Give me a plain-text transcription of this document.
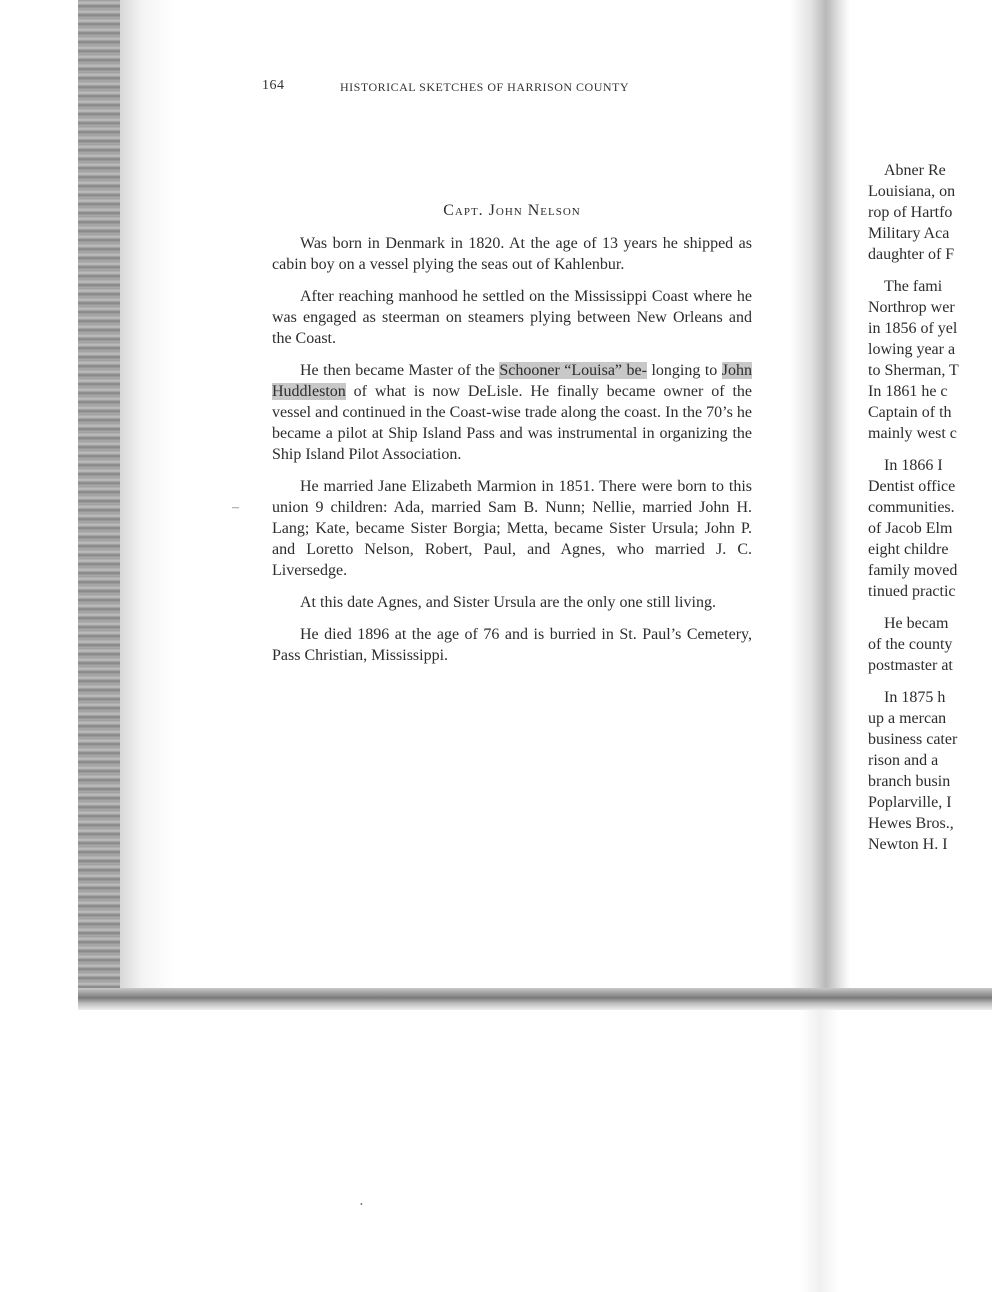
–
•
164	HISTORICAL SKETCHES OF HARRISON COUNTY
Capt. John Nelson

Was born in Denmark in 1820. At the age of 13 years he shipped as cabin boy on a vessel plying the seas out of Kahlenbur.

After reaching manhood he settled on the Mississippi Coast where he was engaged as steerman on steamers plying between New Orleans and the Coast.

He then became Master of the Schooner “Louisa” be- longing to John Huddleston of what is now DeLisle. He finally became owner of the vessel and continued in the Coast-wise trade along the coast. In the 70’s he became a pilot at Ship Island Pass and was instrumental in organizing the Ship Island Pilot Association.

He married Jane Elizabeth Marmion in 1851. There were born to this union 9 children: Ada, married Sam B. Nunn; Nellie, married John H. Lang; Kate, became Sister Borgia; Metta, became Sister Ursula; John P. and Loretto Nelson, Robert, Paul, and Agnes, who married J. C. Liversedge.

At this date Agnes, and Sister Ursula are the only one still living.

He died 1896 at the age of 76 and is burried in St. Paul’s Cemetery, Pass Christian, Mississippi.

Abner Re
Louisiana, on
rop of Hartfo
Military Aca
daughter of F
The fami
Northrop wer
in 1856 of yel
lowing year a
to Sherman, T
In 1861 he c
Captain of th
mainly west c
In 1866 I
Dentist office
communities.
of Jacob Elm
eight childre
family moved
tinued practic
He becam
of the county
postmaster at
In 1875 h
up a mercan
business cater
rison and a
branch busin
Poplarville, I
Hewes Bros.,
Newton H. I
